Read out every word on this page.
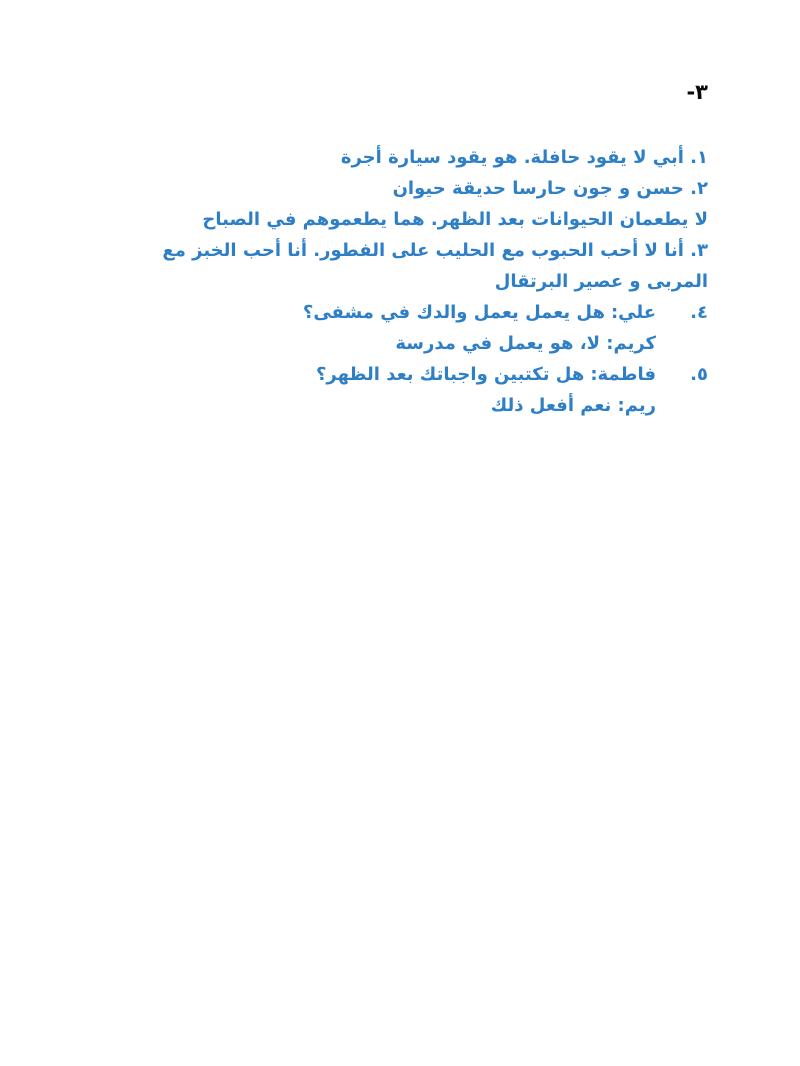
٣-

١. أبي لا يقود حافلة. هو يقود سيارة أجرة

٢. حسن و جون حارسا حديقة حيوان

لا يطعمان الحيوانات بعد الظهر. هما يطعموهم في الصباح

٣. أنا لا أحب الحبوب مع الحليب على الفطور. أنا أحب الخبز مع المربى و عصير البرتقال

٤.
علي:
هل يعمل يعمل والدك في مشفى؟
كريم: لا، هو يعمل في مدرسة
٥.
فاطمة:
هل تكتبين واجباتك بعد الظهر؟
ريم: نعم أفعل ذلك
